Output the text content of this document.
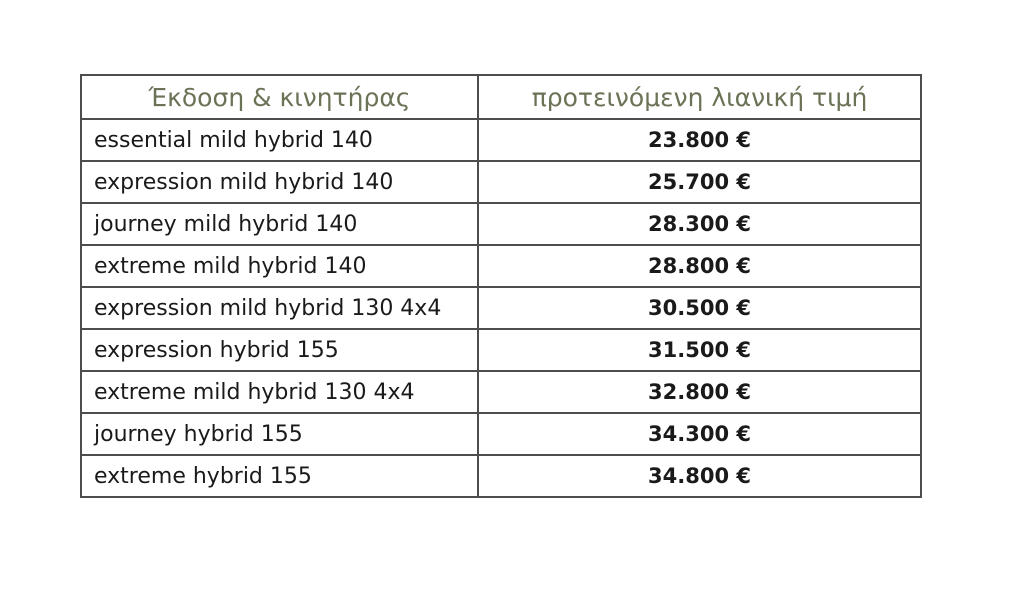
Έκδοση & κινητήρας	προτεινόμενη λιανική τιμή
essential mild hybrid 140	23.800 €
expression mild hybrid 140	25.700 €
journey mild hybrid 140	28.300 €
extreme mild hybrid 140	28.800 €
expression mild hybrid 130 4x4	30.500 €
expression hybrid 155	31.500 €
extreme mild hybrid 130 4x4	32.800 €
journey hybrid 155	34.300 €
extreme hybrid 155	34.800 €
